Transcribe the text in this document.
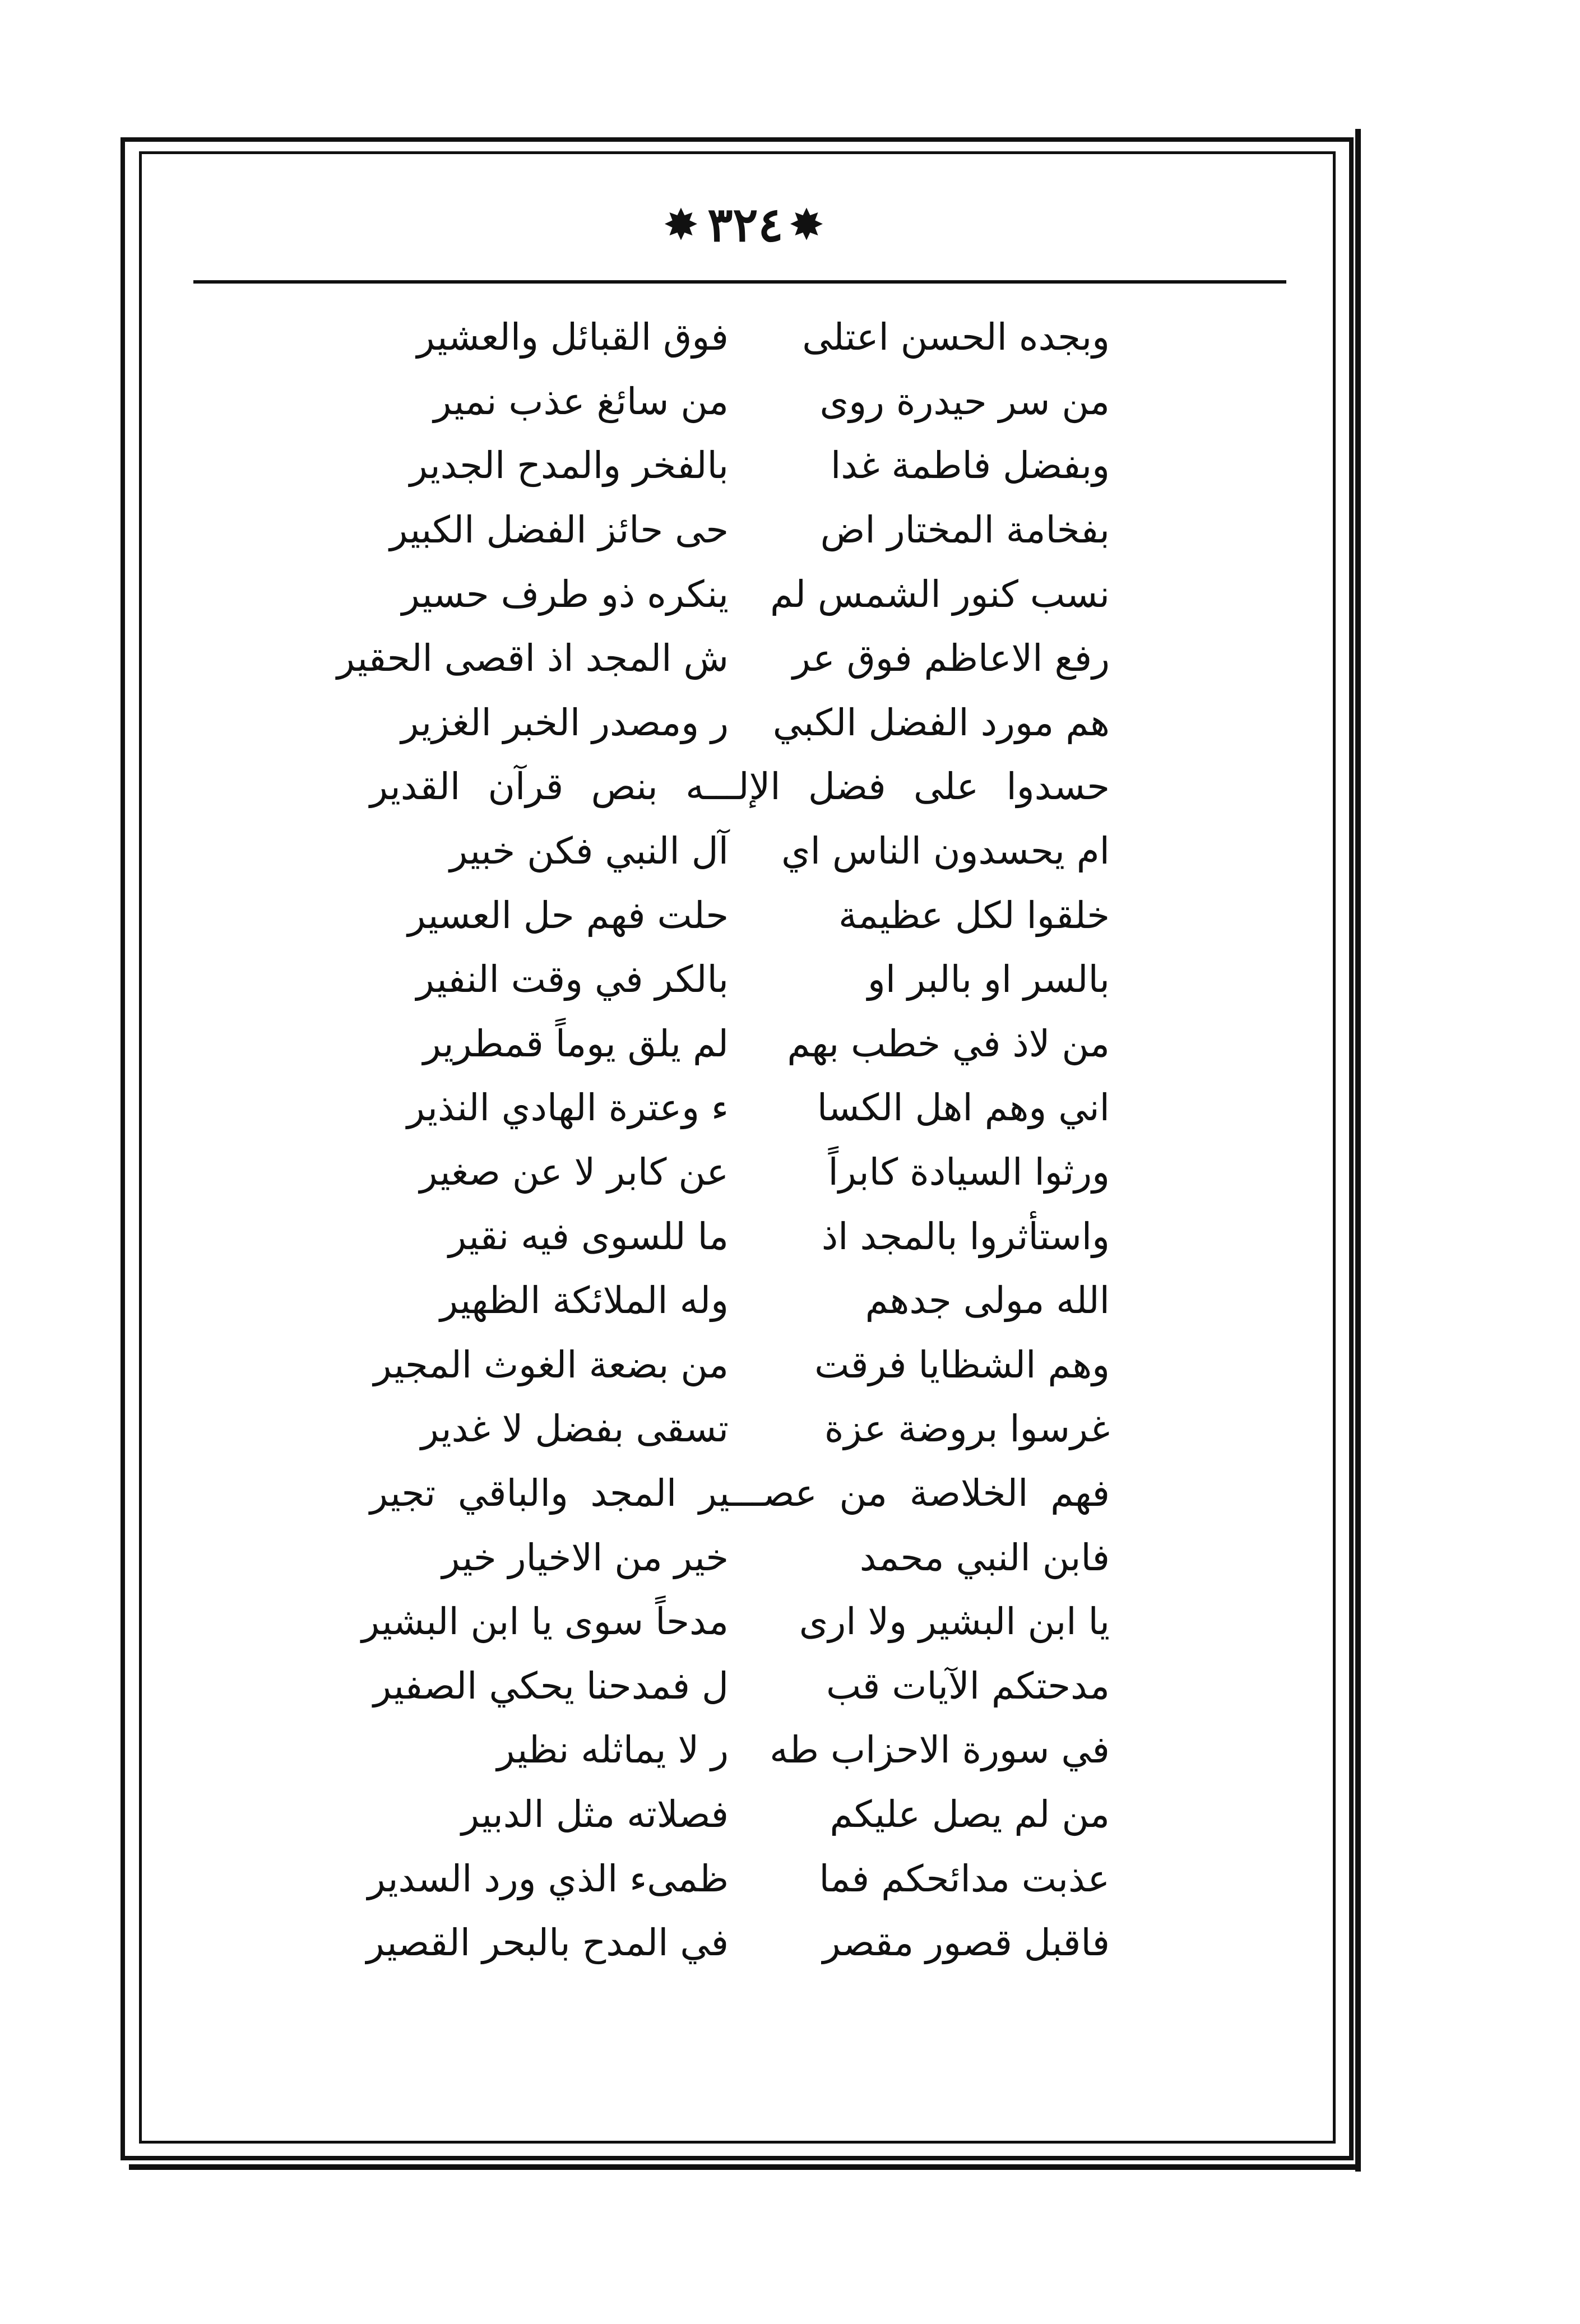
✸ ٣٢٤ ✸
وبجده الحسن اعتلى
فوق القبائل والعشير
من سر حيدرة روى
من سائغ عذب نمير
وبفضل فاطمة غدا
بالفخر والمدح الجدير
بفخامة المختار اض
حى حائز الفضل الكبير
نسب كنور الشمس لم
ينكره ذو طرف حسير
رفع الاعاظم فوق عر
ش المجد اذ اقصى الحقير
هم مورد الفضل الكبي
ر ومصدر الخبر الغزير
حسدوا على فضل الإلـــه بنص قرآن القدير
ام يحسدون الناس اي
آل النبي فكن خبير
خلقوا لكل عظيمة
حلت فهم حل العسير
بالسر او بالبر او
بالكر في وقت النفير
من لاذ في خطب بهم
لم يلق يوماً قمطرير
اني وهم اهل الكسا
ء وعترة الهادي النذير
ورثوا السيادة كابراً
عن كابر لا عن صغير
واستأثروا بالمجد اذ
ما للسوى فيه نقير
الله مولى جدهم
وله الملائكة الظهير
وهم الشظايا فرقت
من بضعة الغوث المجير
غرسوا بروضة عزة
تسقى بفضل لا غدير
فهم الخلاصة من عصـــير المجد والباقي تجير
فابن النبي محمد
خير من الاخيار خير
يا ابن البشير ولا ارى
مدحاً سوى يا ابن البشير
مدحتكم الآيات قب
ل فمدحنا يحكي الصفير
في سورة الاحزاب طه
ر لا يماثله نظير
من لم يصل عليكم
فصلاته مثل الدبير
عذبت مدائحكم فما
ظمىء الذي ورد السدير
فاقبل قصور مقصر
في المدح بالبحر القصير
